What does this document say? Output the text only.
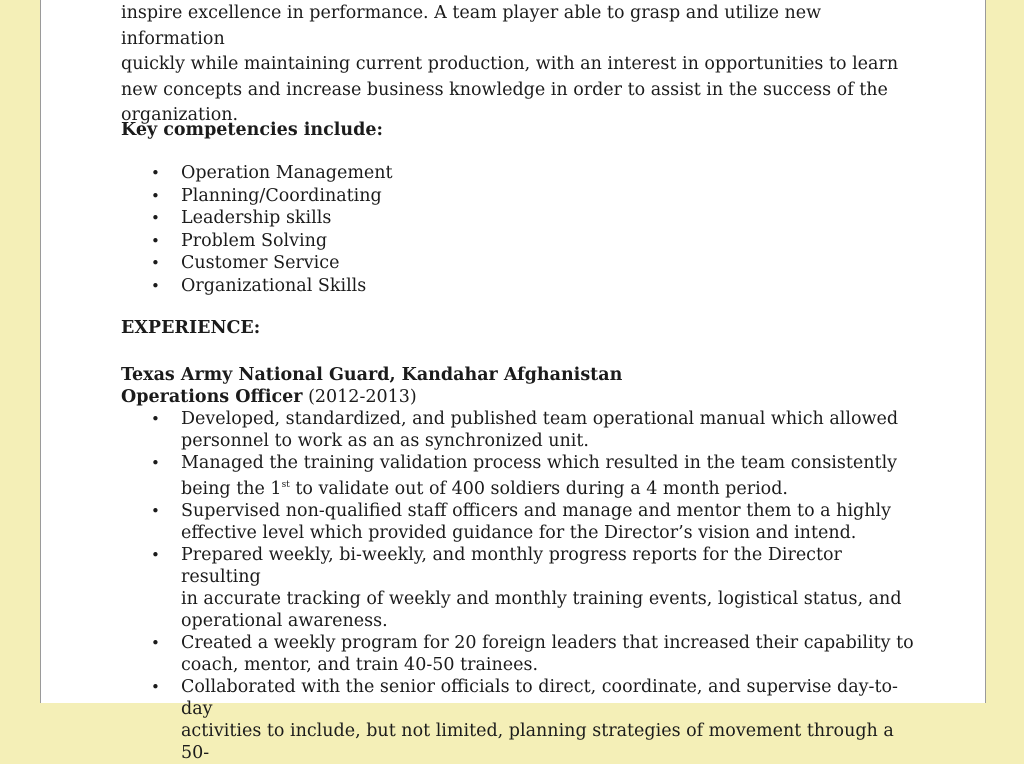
inspire excellence in performance. A team player able to grasp and utilize new information
quickly while maintaining current production, with an interest in opportunities to learn
new concepts and increase business knowledge in order to assist in the success of the
organization.
Key competencies include:
• Operation Management
• Planning/Coordinating
• Leadership skills
• Problem Solving
• Customer Service
• Organizational Skills
EXPERIENCE:
Texas Army National Guard, Kandahar Afghanistan
Operations Officer (2012-2013)
• Developed, standardized, and published team operational manual which allowed
personnel to work as an as synchronized unit.
• Managed the training validation process which resulted in the team consistently
being the 1st to validate out of 400 soldiers during a 4 month period.
• Supervised non-qualified staff officers and manage and mentor them to a highly
effective level which provided guidance for the Director’s vision and intend.
• Prepared weekly, bi-weekly, and monthly progress reports for the Director resulting
in accurate tracking of weekly and monthly training events, logistical status, and
operational awareness.
• Created a weekly program for 20 foreign leaders that increased their capability to
coach, mentor, and train 40-50 trainees.
• Collaborated with the senior officials to direct, coordinate, and supervise day-to-day
activities to include, but not limited, planning strategies of movement through a 50-
